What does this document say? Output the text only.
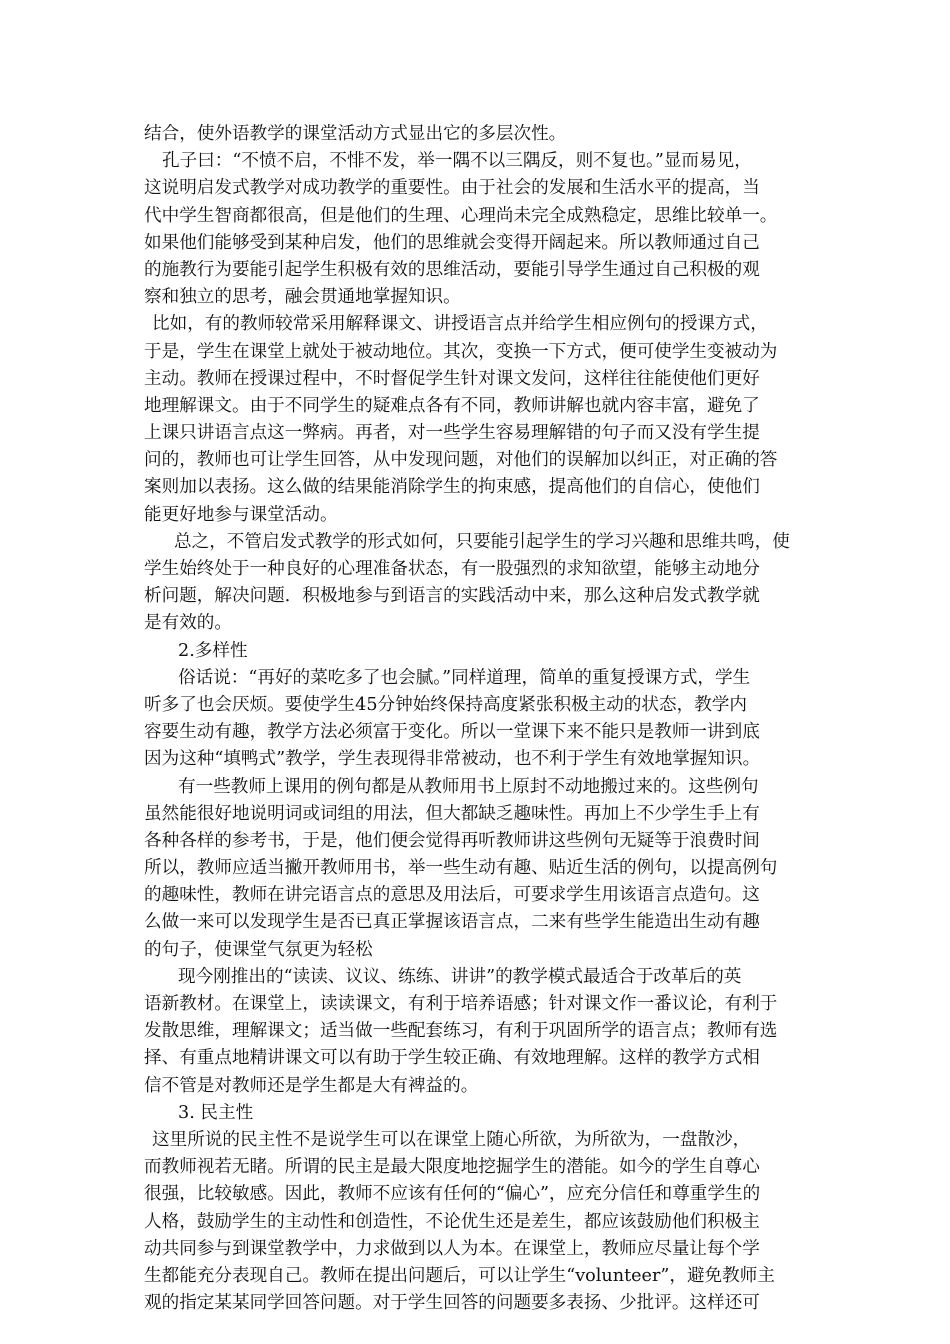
结合，使外语教学的课堂活动方式显出它的多层次性。
孔子曰：“不愤不启，不悱不发，举一隅不以三隅反，则不复也。”显而易见，
这说明启发式教学对成功教学的重要性。由于社会的发展和生活水平的提高，当
代中学生智商都很高，但是他们的生理、心理尚未完全成熟稳定，思维比较单一。
如果他们能够受到某种启发，他们的思维就会变得开阔起来。所以教师通过自己
的施教行为要能引起学生积极有效的思维活动，要能引导学生通过自己积极的观
察和独立的思考，融会贯通地掌握知识。
比如，有的教师较常采用解释课文、讲授语言点并给学生相应例句的授课方式，
于是，学生在课堂上就处于被动地位。其次，变换一下方式，便可使学生变被动为
主动。教师在授课过程中，不时督促学生针对课文发问，这样往往能使他们更好
地理解课文。由于不同学生的疑难点各有不同，教师讲解也就内容丰富，避免了
上课只讲语言点这一弊病。再者，对一些学生容易理解错的句子而又没有学生提
问的，教师也可让学生回答，从中发现问题，对他们的误解加以纠正，对正确的答
案则加以表扬。这么做的结果能消除学生的拘束感，提高他们的自信心，使他们
能更好地参与课堂活动。
总之，不管启发式教学的形式如何，只要能引起学生的学习兴趣和思维共鸣，使
学生始终处于一种良好的心理准备状态，有一股强烈的求知欲望，能够主动地分
析问题，解决问题．积极地参与到语言的实践活动中来，那么这种启发式教学就
是有效的。
2.多样性
俗话说：“再好的菜吃多了也会腻。”同样道理，简单的重复授课方式，学生
听多了也会厌烦。要使学生45分钟始终保持高度紧张积极主动的状态，教学内
容要生动有趣，教学方法必须富于变化。所以一堂课下来不能只是教师一讲到底
因为这种“填鸭式”教学，学生表现得非常被动，也不利于学生有效地掌握知识。
有一些教师上课用的例句都是从教师用书上原封不动地搬过来的。这些例句
虽然能很好地说明词或词组的用法，但大都缺乏趣味性。再加上不少学生手上有
各种各样的参考书，于是，他们便会觉得再听教师讲这些例句无疑等于浪费时间
所以，教师应适当撇开教师用书，举一些生动有趣、贴近生活的例句，以提高例句
的趣味性，教师在讲完语言点的意思及用法后，可要求学生用该语言点造句。这
么做一来可以发现学生是否已真正掌握该语言点，二来有些学生能造出生动有趣
的句子，使课堂气氛更为轻松
现今刚推出的“读读、议议、练练、讲讲”的教学模式最适合于改革后的英
语新教材。在课堂上，读读课文，有利于培养语感；针对课文作一番议论，有利于
发散思维，理解课文；适当做一些配套练习，有利于巩固所学的语言点；教师有选
择、有重点地精讲课文可以有助于学生较正确、有效地理解。这样的教学方式相
信不管是对教师还是学生都是大有裨益的。
3. 民主性
这里所说的民主性不是说学生可以在课堂上随心所欲，为所欲为，一盘散沙，
而教师视若无睹。所谓的民主是最大限度地挖掘学生的潜能。如今的学生自尊心
很强，比较敏感。因此，教师不应该有任何的“偏心”，应充分信任和尊重学生的
人格，鼓励学生的主动性和创造性，不论优生还是差生，都应该鼓励他们积极主
动共同参与到课堂教学中，力求做到以人为本。在课堂上，教师应尽量让每个学
生都能充分表现自己。教师在提出问题后，可以让学生“volunteer”，避免教师主
观的指定某某同学回答问题。对于学生回答的问题要多表扬、少批评。这样还可
